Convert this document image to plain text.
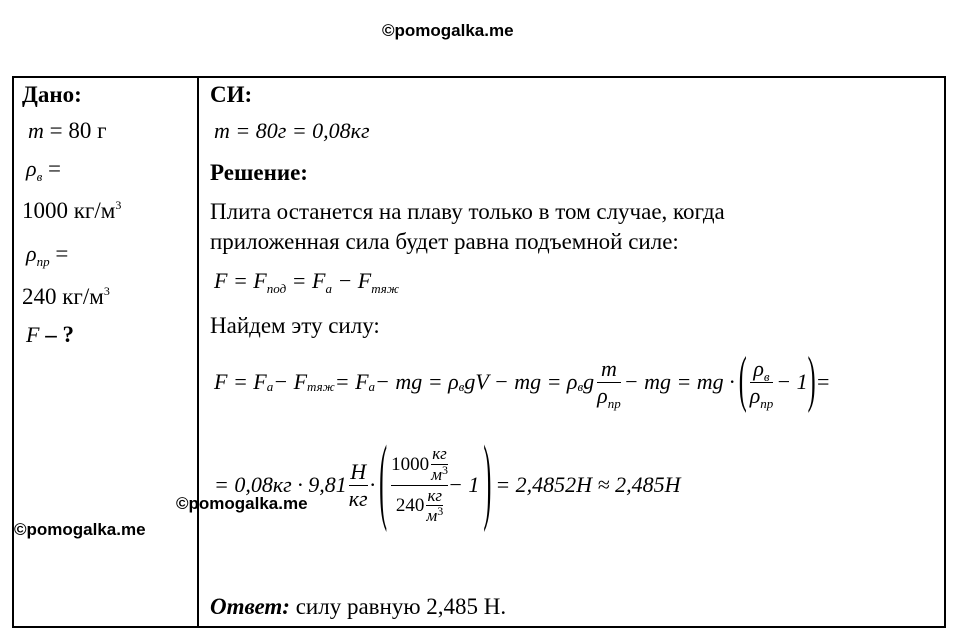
©pomogalka.me
Дано:
m = 80 г
$\rho_в$ =
1000 $кг/м^3$
$\rho_{пр}$ =
240 $кг/м^3$
F – ?
СИ:
m = 80г = 0,08кг
Решение:
Плита останется на плаву только в том случае, когда
приложенная сила будет равна подъемной силе:
$F = F_{под} = F_а - F_{тяж}$
Найдем эту силу:
F = F а − F тяж = F а − mg = ρ в gV − mg = ρ в g $\frac{m}{\rho_{пр}}$ − mg = mg · ( $\frac{\rho_в}{\rho_{пр}} - 1$ ) =
= $0,08кг \cdot 9,81 \frac{Н}{кг}$ · ( $\frac{1000 \frac{кг}{м^3}}{240 \frac{кг}{м^3}} - 1$ ) = 2,4852Н ≈ 2,485Н
©pomogalka.me
©pomogalka.me
Ответ: силу равную 2,485 Н.
